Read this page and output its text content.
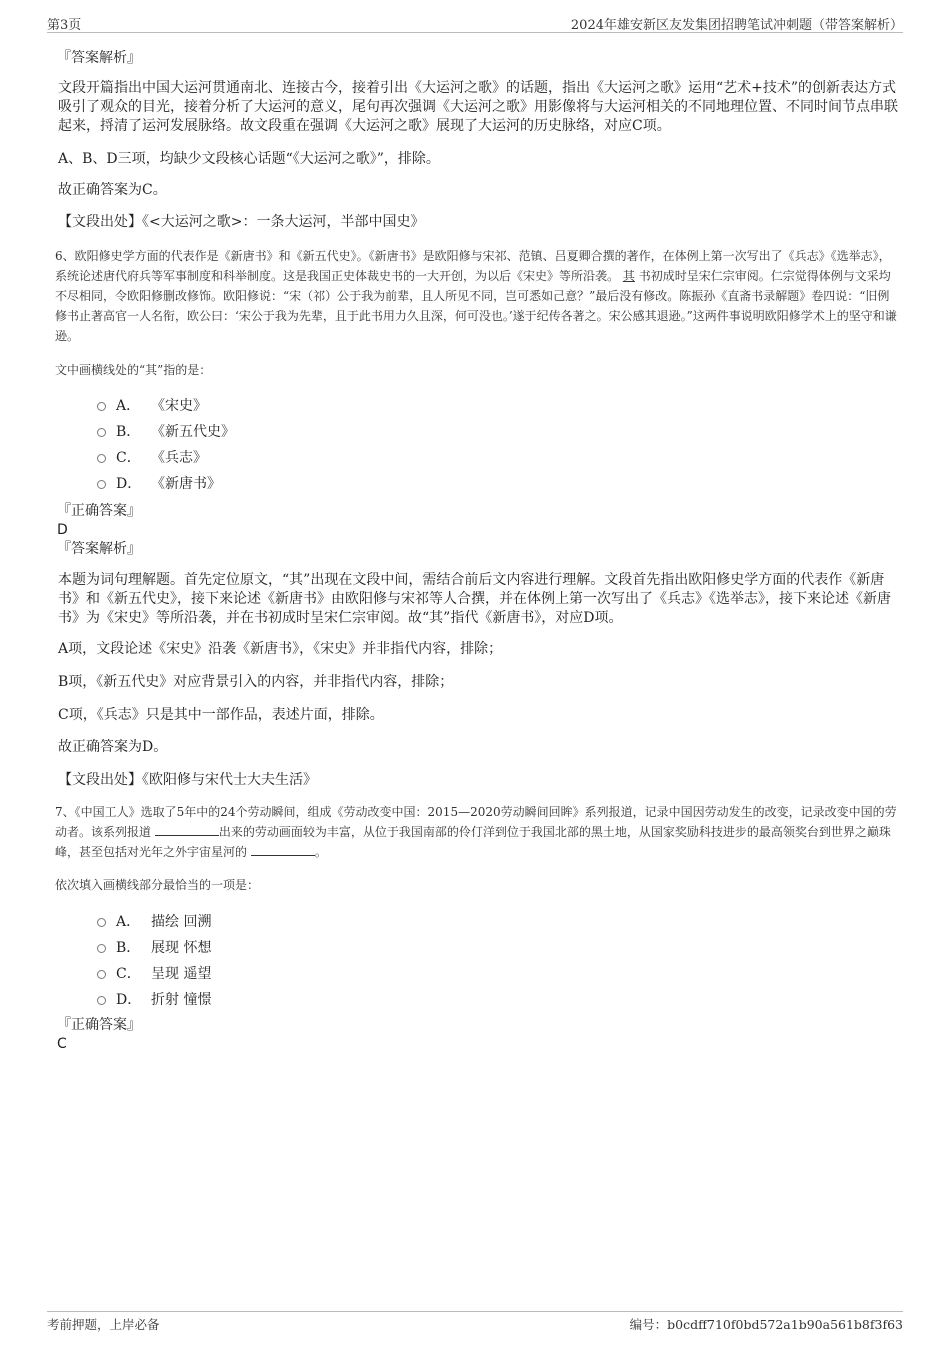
第3页	2024年雄安新区友发集团招聘笔试冲刺题（带答案解析）
『答案解析』
文段开篇指出中国大运河贯通南北、连接古今，接着引出《大运河之歌》的话题，指出《大运河之歌》运用“艺术+技术”的创新表达方式吸引了观众的目光，接着分析了大运河的意义，尾句再次强调《大运河之歌》用影像将与大运河相关的不同地理位置、不同时间节点串联起来，捋清了运河发展脉络。故文段重在强调《大运河之歌》展现了大运河的历史脉络，对应C项。
A、B、D三项，均缺少文段核心话题“《大运河之歌》”，排除。
故正确答案为C。
【文段出处】《<大运河之歌>：一条大运河，半部中国史》
6、欧阳修史学方面的代表作是《新唐书》和《新五代史》。《新唐书》是欧阳修与宋祁、范镇、吕夏卿合撰的著作，在体例上第一次写出了《兵志》《选举志》，系统论述唐代府兵等军事制度和科举制度。这是我国正史体裁史书的一大开创，为以后《宋史》等所沿袭。 其 书初成时呈宋仁宗审阅。仁宗觉得体例与文采均不尽相同，令欧阳修删改修饰。欧阳修说：“宋（祁）公于我为前辈，且人所见不同，岂可悉如己意？”最后没有修改。陈振孙《直斋书录解题》卷四说：“旧例修书止著高官一人名衔，欧公曰：‘宋公于我为先辈，且于此书用力久且深，何可没也。’遂于纪传各著之。宋公感其退逊。”这两件事说明欧阳修学术上的坚守和谦逊。
文中画横线处的“其”指的是：
A． 《宋史》
B． 《新五代史》
C． 《兵志》
D． 《新唐书》
『正确答案』
D
『答案解析』
本题为词句理解题。首先定位原文，“其”出现在文段中间，需结合前后文内容进行理解。文段首先指出欧阳修史学方面的代表作《新唐书》和《新五代史》，接下来论述《新唐书》由欧阳修与宋祁等人合撰，并在体例上第一次写出了《兵志》《选举志》，接下来论述《新唐书》为《宋史》等所沿袭，并在书初成时呈宋仁宗审阅。故“其”指代《新唐书》，对应D项。
A项，文段论述《宋史》沿袭《新唐书》，《宋史》并非指代内容，排除；
B项，《新五代史》对应背景引入的内容，并非指代内容，排除；
C项，《兵志》只是其中一部作品，表述片面，排除。
故正确答案为D。
【文段出处】《欧阳修与宋代士大夫生活》
7、《中国工人》选取了5年中的24个劳动瞬间，组成《劳动改变中国：2015—2020劳动瞬间回眸》系列报道，记录中国因劳动发生的改变，记录改变中国的劳动者。该系列报道	出来的劳动画面较为丰富，从位于我国南部的伶仃洋到位于我国北部的黑土地，从国家奖励科技进步的最高领奖台到世界之巅珠峰，甚至包括对光年之外宇宙星河的	。
依次填入画横线部分最恰当的一项是：
A． 描绘 回溯
B． 展现 怀想
C． 呈现 遥望
D． 折射 憧憬
『正确答案』
C
考前押题，上岸必备	编号：b0cdff710f0bd572a1b90a561b8f3f63
